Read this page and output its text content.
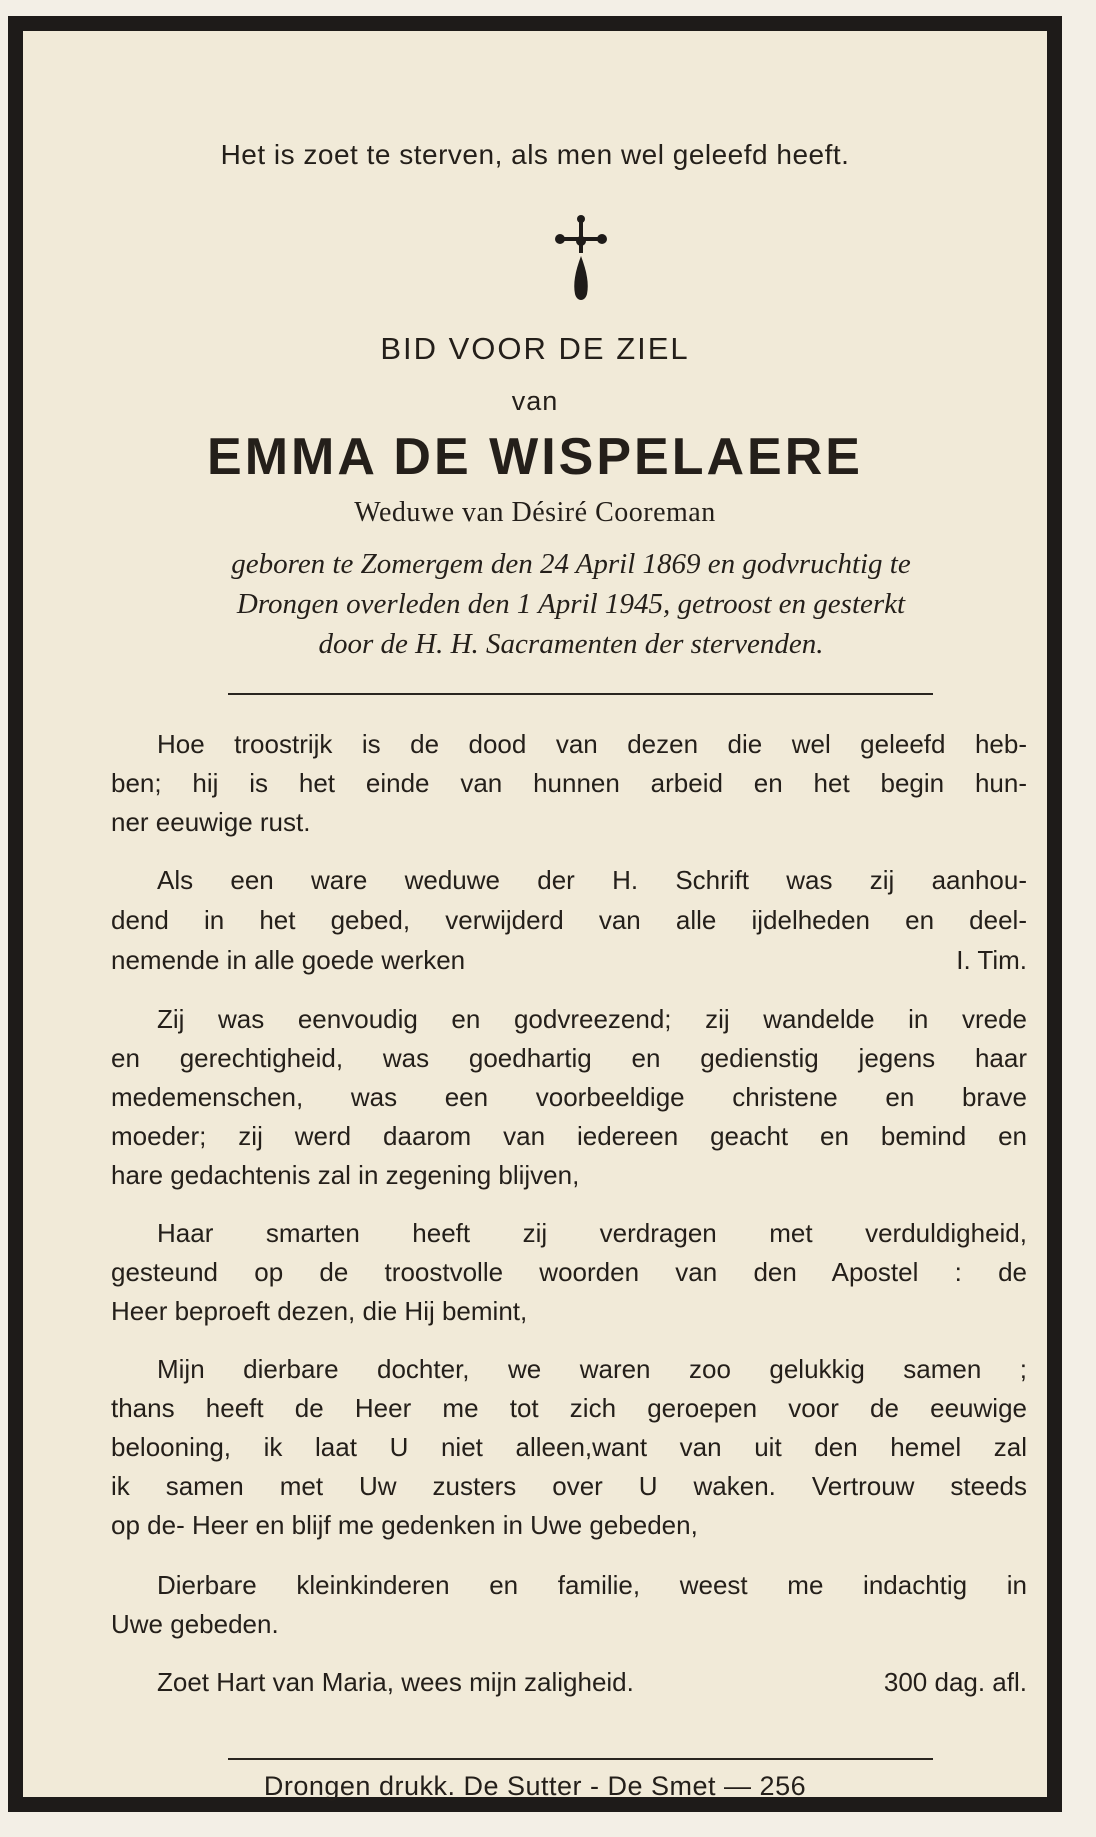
Het is zoet te sterven, als men wel geleefd heeft.
BID VOOR DE ZIEL
van
EMMA DE WISPELAERE
Weduwe van Désiré Cooreman
geboren te Zomergem den 24 April 1869 en godvruchtig te
Drongen overleden den 1 April 1945, getroost en gesterkt
door de H. H. Sacramenten der stervenden.
Hoe troostrijk is de dood van dezen die wel geleefd heb-
ben; hij is het einde van hunnen arbeid en het begin hun-
ner eeuwige rust.
Als een ware weduwe der H. Schrift was zij aanhou-
dend in het gebed, verwijderd van alle ijdelheden en deel-
nemende in alle goede werken	I. Tim.
Zij was eenvoudig en godvreezend; zij wandelde in vrede
en gerechtigheid, was goedhartig en gedienstig jegens haar
medemenschen, was een voorbeeldige christene en brave
moeder; zij werd daarom van iedereen geacht en bemind en
hare gedachtenis zal in zegening blijven,
Haar smarten heeft zij verdragen met verduldigheid,
gesteund op de troostvolle woorden van den Apostel : de
Heer beproeft dezen, die Hij bemint,
Mijn dierbare dochter, we waren zoo gelukkig samen ;
thans heeft de Heer me tot zich geroepen voor de eeuwige
belooning, ik laat U niet alleen,want van uit den hemel zal
ik samen met Uw zusters over U waken. Vertrouw steeds
op de- Heer en blijf me gedenken in Uwe gebeden,
Dierbare kleinkinderen en familie, weest me indachtig in
Uwe gebeden.
Zoet Hart van Maria, wees mijn zaligheid.	300 dag. afl.
Drongen drukk. De Sutter - De Smet — 256
